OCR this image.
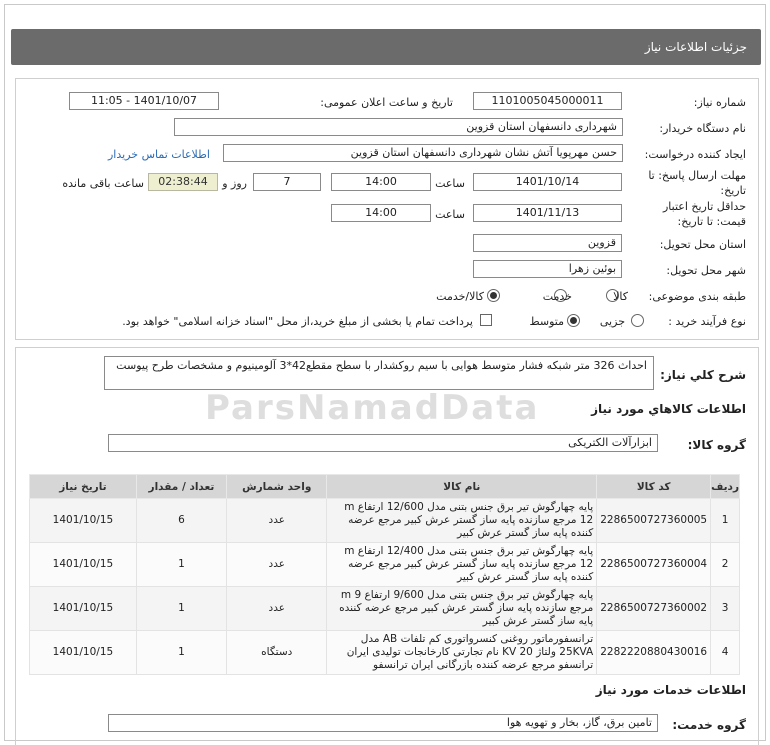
جزئیات اطلاعات نیاز
شماره نیاز:
1101005045000011
تاریخ و ساعت اعلان عمومی:
1401/10/07 - 11:05
نام دستگاه خریدار:
شهرداری دانسفهان استان قزوین
ایجاد کننده درخواست:
حسن مهرپویا آتش نشان شهرداری دانسفهان استان قزوین
اطلاعات تماس خریدار
مهلت ارسال پاسخ: تا
تاریخ:
1401/10/14
ساعت
14:00
7
روز و
02:38:44
ساعت باقی مانده
حداقل تاریخ اعتبار
قیمت: تا تاریخ:
1401/11/13
ساعت
14:00
استان محل تحویل:
قزوین
شهر محل تحویل:
بوئین زهرا
طبقه بندی موضوعی:
کالا
خدمت
کالا/خدمت
نوع فرآیند خرید :
جزیی
متوسط
پرداخت تمام یا بخشی از مبلغ خرید،از محل "اسناد خزانه اسلامی" خواهد بود.
شرح کلي نياز:
احداث 326 متر شبکه فشار متوسط هوایی با سیم روکشدار با سطح مقطع42*3 آلومینیوم و مشخصات طرح پیوست
ParsNamadData	اطلاعات کالاهاي مورد نياز
گروه کالا:
ابزارآلات الکتریکی
ردیف	کد کالا	نام کالا	واحد شمارش	تعداد / مقدار	تاریخ نیاز
1	2286500727360005	پایه چهارگوش تیر برق جنس بتنی مدل 12/600 ارتفاع m 12 مرجع سازنده پایه ساز گستر عرش کبیر مرجع عرضه کننده پایه ساز گستر عرش کبیر	عدد	6	1401/10/15
2	2286500727360004	پایه چهارگوش تیر برق جنس بتنی مدل 12/400 ارتفاع m 12 مرجع سازنده پایه ساز گستر عرش کبیر مرجع عرضه کننده پایه ساز گستر عرش کبیر	عدد	1	1401/10/15
3	2286500727360002	پایه چهارگوش تیر برق جنس بتنی مدل 9/600 ارتفاع m 9 مرجع سازنده پایه ساز گستر عرش کبیر مرجع عرضه کننده پایه ساز گستر عرش کبیر	عدد	1	1401/10/15
4	2282220880430016	ترانسفورماتور روغنی کنسرواتوری کم تلفات AB مدل 25KVA ولتاژ KV 20 نام تجارتی کارخانجات تولیدی ایران ترانسفو مرجع عرضه کننده بازرگانی ایران ترانسفو	دستگاه	1	1401/10/15
اطلاعات خدمات مورد نياز
گروه خدمت:
تامین برق، گاز، بخار و تهویه هوا
